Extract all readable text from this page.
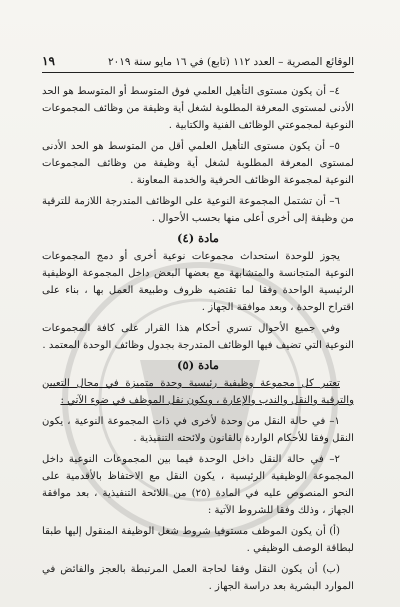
الوقائع المصرية – العدد ١١٢ (تابع) في ١٦ مايو سنة ٢٠١٩
١٩

٤– أن يكون مستوى التأهيل العلمي فوق المتوسط أو المتوسط هو الحد الأدنى لمستوى المعرفة المطلوبة لشغل أية وظيفة من وظائف المجموعات النوعية لمجموعتي الوظائف الفنية والكتابية .

٥– أن يكون مستوى التأهيل العلمي أقل من المتوسط هو الحد الأدنى لمستوى المعرفة المطلوبة لشغل أية وظيفة من وظائف المجموعات النوعية لمجموعة الوظائف الحرفية والخدمة المعاونة .

٦– أن تشتمل المجموعة النوعية على الوظائف المتدرجة اللازمة للترقية من وظيفة إلى أخرى أعلى منها بحسب الأحوال .

مادة (٤)

يجوز للوحدة استحداث مجموعات نوعية أخرى أو دمج المجموعات النوعية المتجانسة والمتشابهة مع بعضها البعض داخل المجموعة الوظيفية الرئيسية الواحدة وفقا لما تقتضيه ظروف وطبيعة العمل بها ، بناء على اقتراح الوحدة ، وبعد موافقة الجهاز .

وفي جميع الأحوال تسري أحكام هذا القرار على كافة المجموعات النوعية التي تضيف فيها الوظائف المتدرجة بجدول وظائف الوحدة المعتمد .

مادة (٥)

تعتبر كل مجموعة وظيفية رئيسية وحدة متميزة في مجال التعيين والترقية والنقل والندب والإعارة ، ويكون نقل الموظف في ضوء الآتي :

١– في حالة النقل من وحدة لأخرى في ذات المجموعة النوعية ، يكون النقل وفقا للأحكام الواردة بالقانون ولائحته التنفيذية .

٢– في حالة النقل داخل الوحدة فيما بين المجموعات النوعية داخل المجموعة الوظيفية الرئيسية ، يكون النقل مع الاحتفاظ بالأقدمية على النحو المنصوص عليه في المادة (٢٥) من اللائحة التنفيذية ، بعد موافقة الجهاز ، وذلك وفقا للشروط الآتية :

(أ) أن يكون الموظف مستوفيا شروط شغل الوظيفة المنقول إليها طبقا لبطاقة الوصف الوظيفي .

(ب) أن يكون النقل وفقا لحاجة العمل المرتبطة بالعجز والفائض في الموارد البشرية بعد دراسة الجهاز .
